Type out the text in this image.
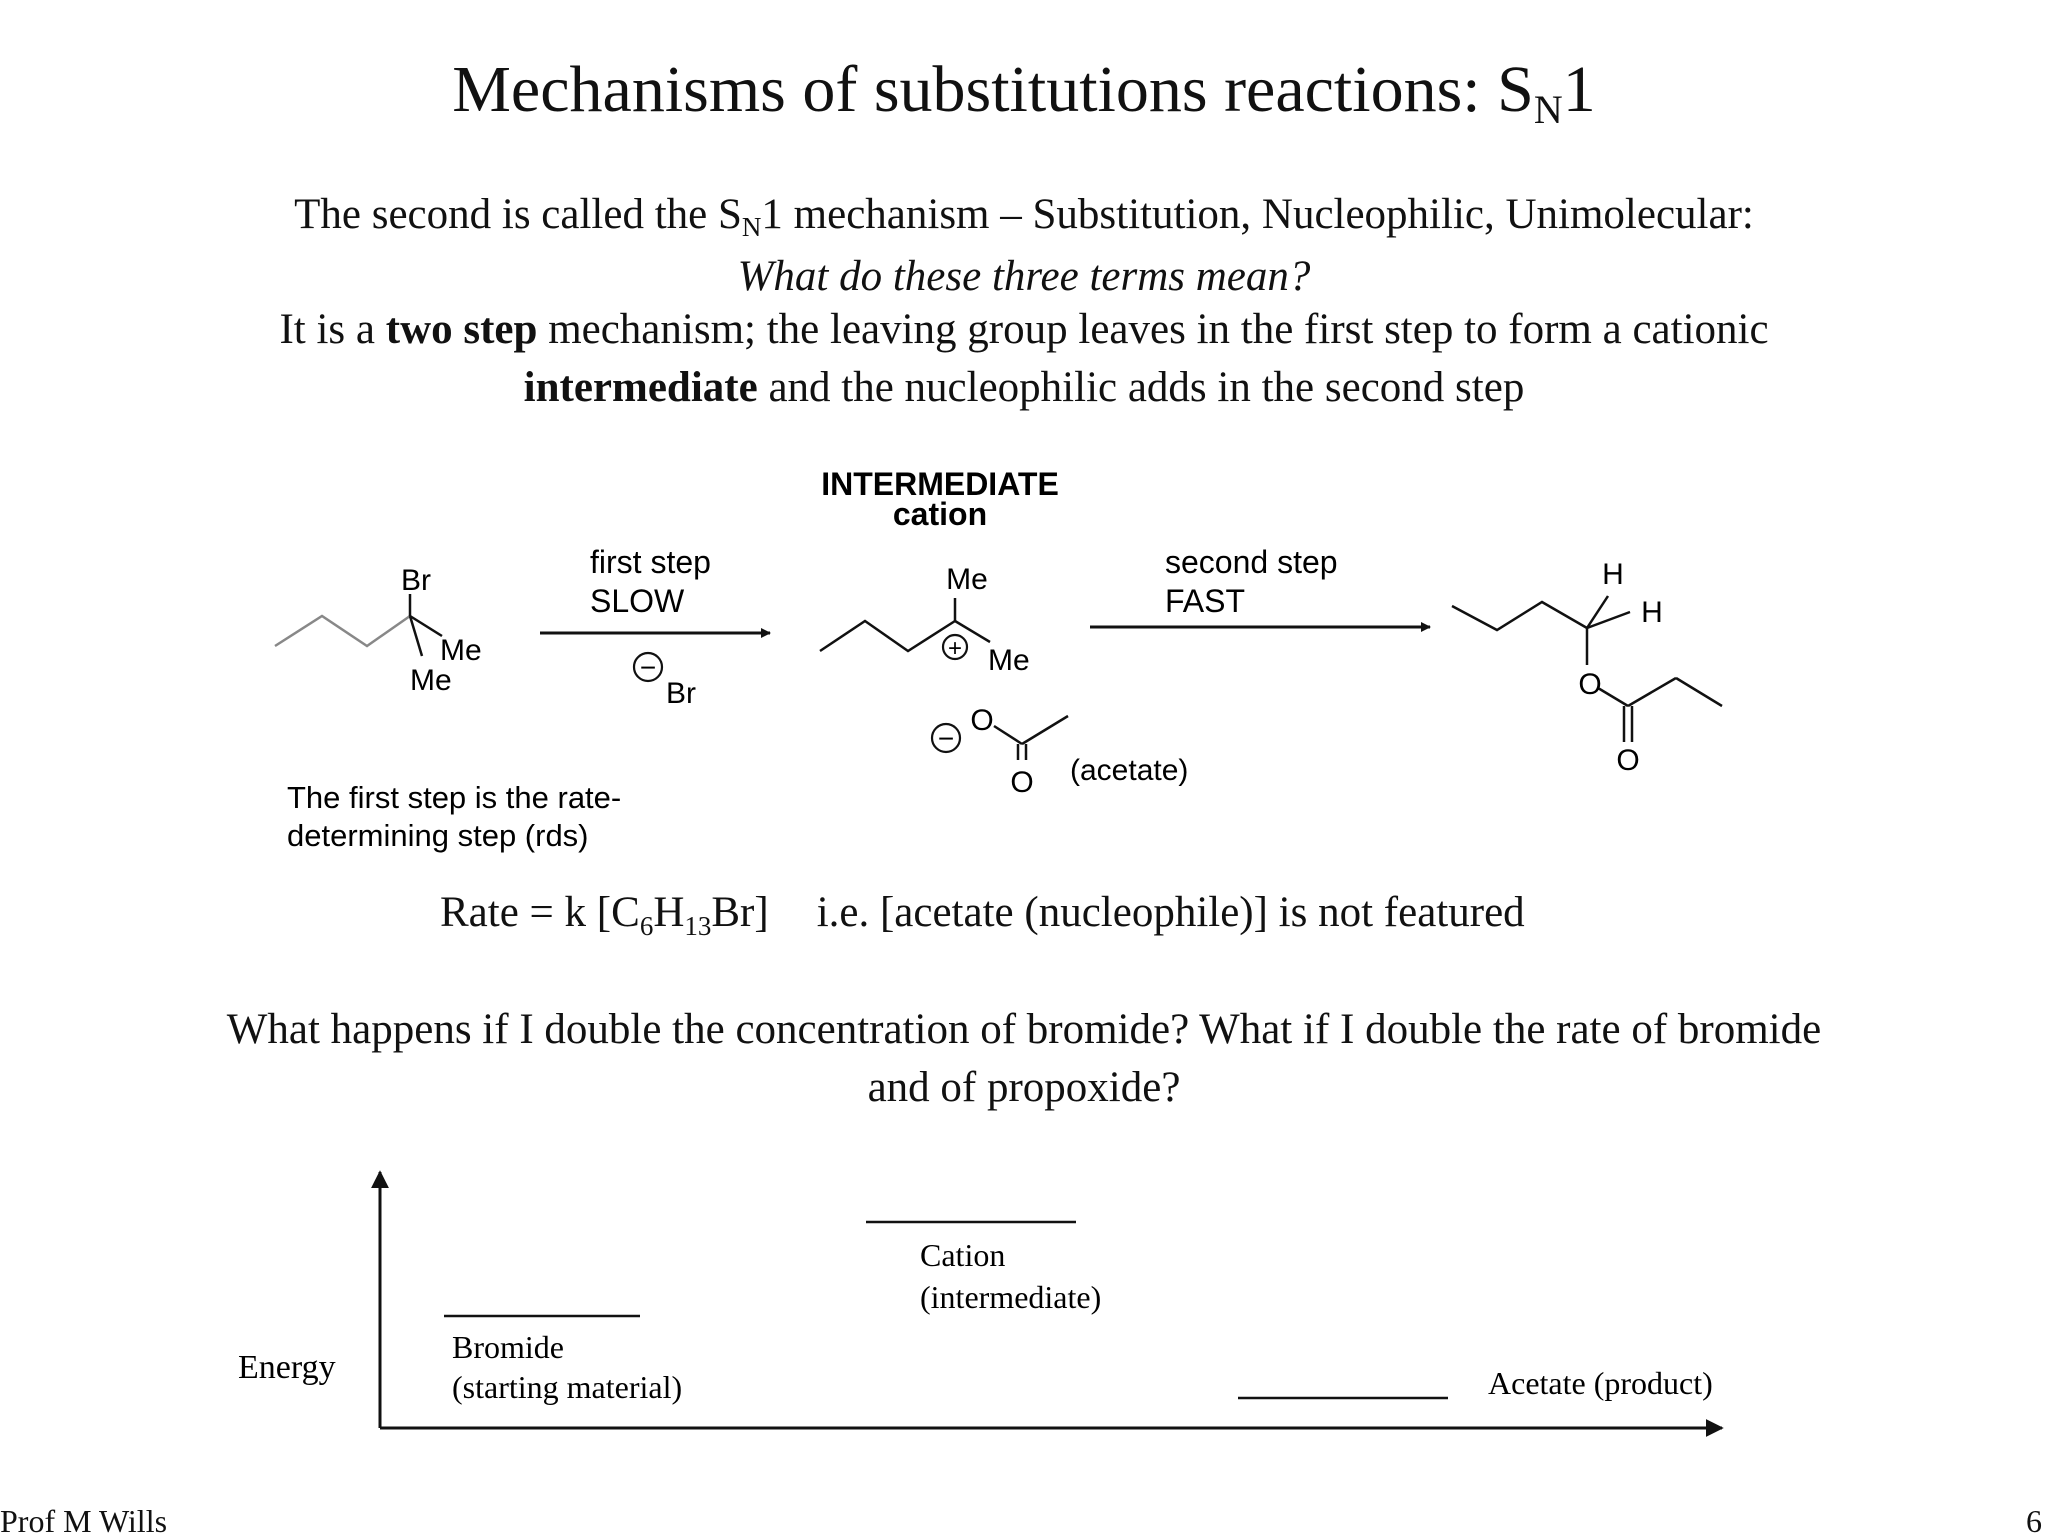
Mechanisms of substitutions reactions: $S_N1$
The second is called the $S_N1$ mechanism – Substitution, Nucleophilic, Unimolecular:
What do these three terms mean?
It is a two step mechanism; the leaving group leaves in the first step to form a cationic
intermediate and the nucleophilic adds in the second step
INTERMEDIATE
cation
Br
Me
Me
first step
SLOW
−
Br
Me
Me
+
−
O
O (acetate)
second step
FAST
H
H
O
O
The first step is the rate-
determining step (rds)
Rate = k $[C_6H_{13}Br]$ i.e. [acetate (nucleophile)] is not featured
What happens if I double the concentration of bromide? What if I double the rate of bromide
and of propoxide?
Energy
Bromide
(starting material)
Cation
(intermediate)
Acetate (product)
Prof M Wills	6
